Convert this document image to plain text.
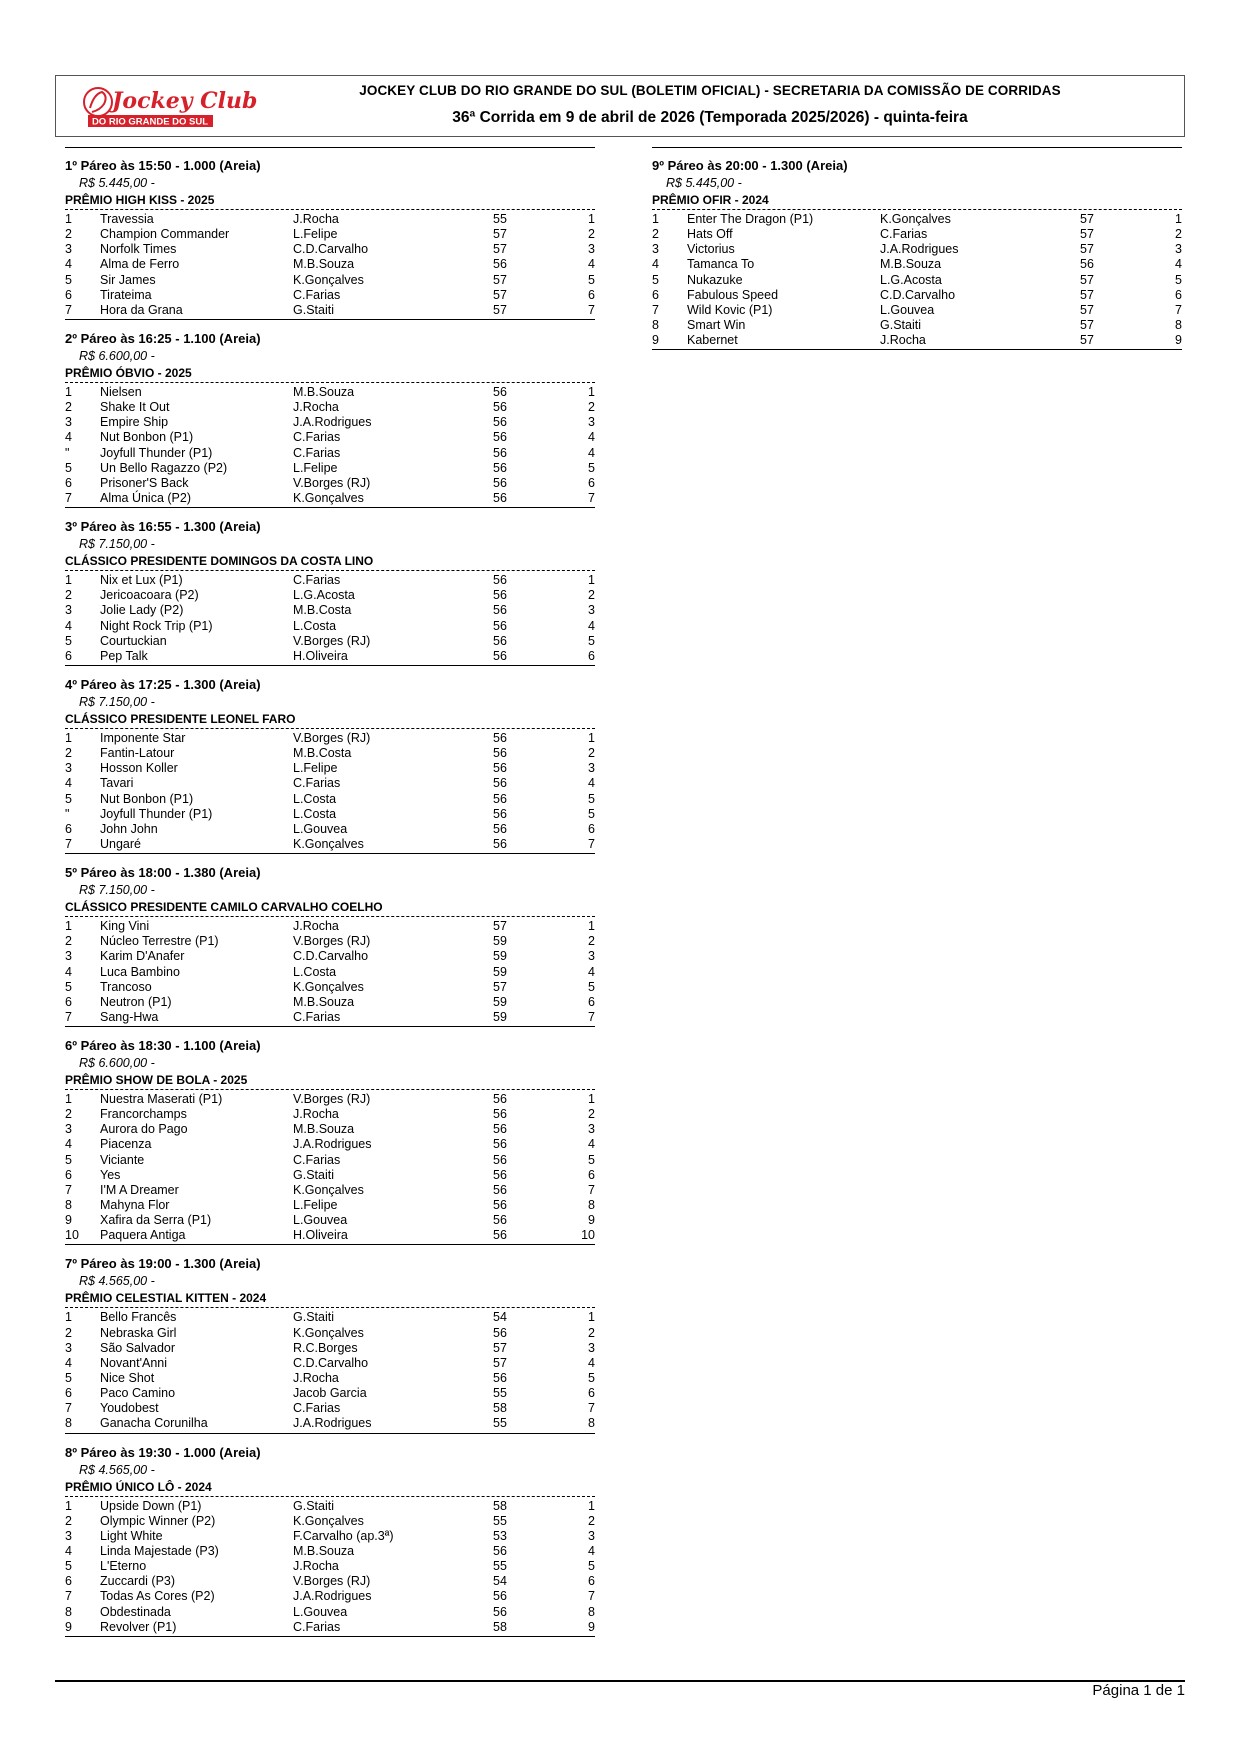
Jockey Club
DO RIO GRANDE DO SUL
JOCKEY CLUB DO RIO GRANDE DO SUL (BOLETIM OFICIAL) - SECRETARIA DA COMISSÃO DE CORRIDAS
36ª Corrida em 9 de abril de 2026 (Temporada 2025/2026) - quinta-feira
1º Páreo às 15:50 - 1.000 (Areia)
R$ 5.445,00 -
PRÊMIO HIGH KISS - 2025
1 Travessia	J.Rocha	55	1
2 Champion Commander	L.Felipe	57	2
3 Norfolk Times	C.D.Carvalho	57	3
4 Alma de Ferro	M.B.Souza	56	4
5 Sir James	K.Gonçalves	57	5
6 Tirateima	C.Farias	57	6
7 Hora da Grana	G.Staiti	57	7
2º Páreo às 16:25 - 1.100 (Areia)
R$ 6.600,00 -
PRÊMIO ÓBVIO - 2025
1 Nielsen	M.B.Souza	56	1
2 Shake It Out	J.Rocha	56	2
3 Empire Ship	J.A.Rodrigues	56	3
4 Nut Bonbon (P1)	C.Farias	56	4
" Joyfull Thunder (P1)	C.Farias	56	4
5 Un Bello Ragazzo (P2)	L.Felipe	56	5
6 Prisoner'S Back	V.Borges (RJ)	56	6
7 Alma Única (P2)	K.Gonçalves	56	7
3º Páreo às 16:55 - 1.300 (Areia)
R$ 7.150,00 -
CLÁSSICO PRESIDENTE DOMINGOS DA COSTA LINO
1 Nix et Lux (P1)	C.Farias	56	1
2 Jericoacoara (P2)	L.G.Acosta	56	2
3 Jolie Lady (P2)	M.B.Costa	56	3
4 Night Rock Trip (P1)	L.Costa	56	4
5 Courtuckian	V.Borges (RJ)	56	5
6 Pep Talk	H.Oliveira	56	6
4º Páreo às 17:25 - 1.300 (Areia)
R$ 7.150,00 -
CLÁSSICO PRESIDENTE LEONEL FARO
1 Imponente Star	V.Borges (RJ)	56	1
2 Fantin-Latour	M.B.Costa	56	2
3 Hosson Koller	L.Felipe	56	3
4 Tavari	C.Farias	56	4
5 Nut Bonbon (P1)	L.Costa	56	5
" Joyfull Thunder (P1)	L.Costa	56	5
6 John John	L.Gouvea	56	6
7 Ungaré	K.Gonçalves	56	7
5º Páreo às 18:00 - 1.380 (Areia)
R$ 7.150,00 -
CLÁSSICO PRESIDENTE CAMILO CARVALHO COELHO
1 King Vini	J.Rocha	57	1
2 Núcleo Terrestre (P1)	V.Borges (RJ)	59	2
3 Karim D'Anafer	C.D.Carvalho	59	3
4 Luca Bambino	L.Costa	59	4
5 Trancoso	K.Gonçalves	57	5
6 Neutron (P1)	M.B.Souza	59	6
7 Sang-Hwa	C.Farias	59	7
6º Páreo às 18:30 - 1.100 (Areia)
R$ 6.600,00 -
PRÊMIO SHOW DE BOLA - 2025
1 Nuestra Maserati (P1)	V.Borges (RJ)	56	1
2 Francorchamps	J.Rocha	56	2
3 Aurora do Pago	M.B.Souza	56	3
4 Piacenza	J.A.Rodrigues	56	4
5 Viciante	C.Farias	56	5
6 Yes	G.Staiti	56	6
7 I'M A Dreamer	K.Gonçalves	56	7
8 Mahyna Flor	L.Felipe	56	8
9 Xafira da Serra (P1)	L.Gouvea	56	9
10 Paquera Antiga	H.Oliveira	56	10
7º Páreo às 19:00 - 1.300 (Areia)
R$ 4.565,00 -
PRÊMIO CELESTIAL KITTEN - 2024
1 Bello Francês	G.Staiti	54	1
2 Nebraska Girl	K.Gonçalves	56	2
3 São Salvador	R.C.Borges	57	3
4 Novant'Anni	C.D.Carvalho	57	4
5 Nice Shot	J.Rocha	56	5
6 Paco Camino	Jacob Garcia	55	6
7 Youdobest	C.Farias	58	7
8 Ganacha Corunilha	J.A.Rodrigues	55	8
8º Páreo às 19:30 - 1.000 (Areia)
R$ 4.565,00 -
PRÊMIO ÚNICO LÔ - 2024
1 Upside Down (P1)	G.Staiti	58	1
2 Olympic Winner (P2)	K.Gonçalves	55	2
3 Light White	F.Carvalho (ap.3ª)	53	3
4 Linda Majestade (P3)	M.B.Souza	56	4
5 L'Eterno	J.Rocha	55	5
6 Zuccardi (P3)	V.Borges (RJ)	54	6
7 Todas As Cores (P2)	J.A.Rodrigues	56	7
8 Obdestinada	L.Gouvea	56	8
9 Revolver (P1)	C.Farias	58	9
9º Páreo às 20:00 - 1.300 (Areia)
R$ 5.445,00 -
PRÊMIO OFIR - 2024
1 Enter The Dragon (P1)	K.Gonçalves	57	1
2 Hats Off	C.Farias	57	2
3 Victorius	J.A.Rodrigues	57	3
4 Tamanca To	M.B.Souza	56	4
5 Nukazuke	L.G.Acosta	57	5
6 Fabulous Speed	C.D.Carvalho	57	6
7 Wild Kovic (P1)	L.Gouvea	57	7
8 Smart Win	G.Staiti	57	8
9 Kabernet	J.Rocha	57	9
Página 1 de 1
